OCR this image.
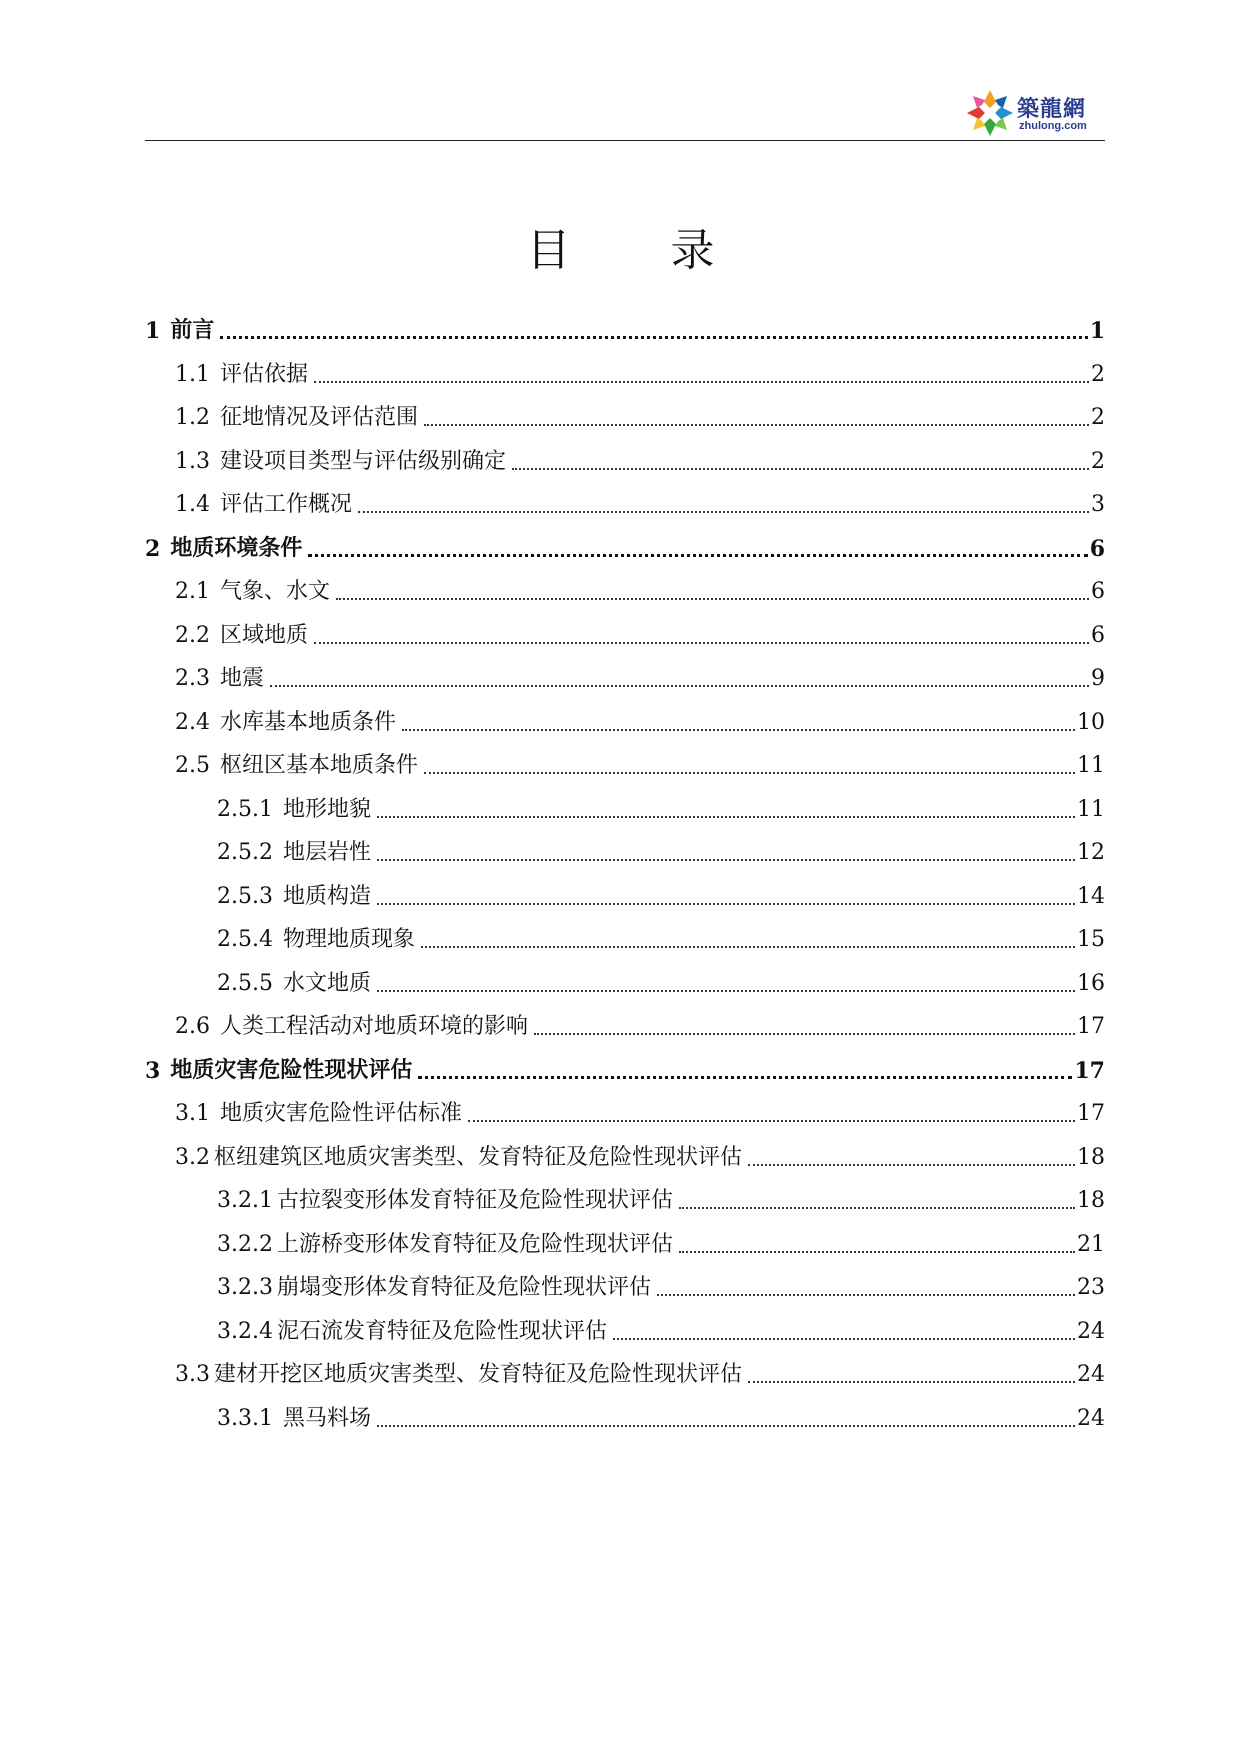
築龍網
zhulong.com
目 录
1 前言	1
1.1 评估依据	2
1.2 征地情况及评估范围	2
1.3 建设项目类型与评估级别确定	2
1.4 评估工作概况	3
2 地质环境条件	6
2.1 气象、水文	6
2.2 区域地质	6
2.3 地震	9
2.4 水库基本地质条件	10
2.5 枢纽区基本地质条件	11
2.5.1 地形地貌	11
2.5.2 地层岩性	12
2.5.3 地质构造	14
2.5.4 物理地质现象	15
2.5.5 水文地质	16
2.6 人类工程活动对地质环境的影响	17
3 地质灾害危险性现状评估	17
3.1 地质灾害危险性评估标准	17
3.2 枢纽建筑区地质灾害类型、发育特征及危险性现状评估	18
3.2.1 古拉裂变形体发育特征及危险性现状评估	18
3.2.2 上游桥变形体发育特征及危险性现状评估	21
3.2.3 崩塌变形体发育特征及危险性现状评估	23
3.2.4 泥石流发育特征及危险性现状评估	24
3.3 建材开挖区地质灾害类型、发育特征及危险性现状评估	24
3.3.1 黑马料场	24
